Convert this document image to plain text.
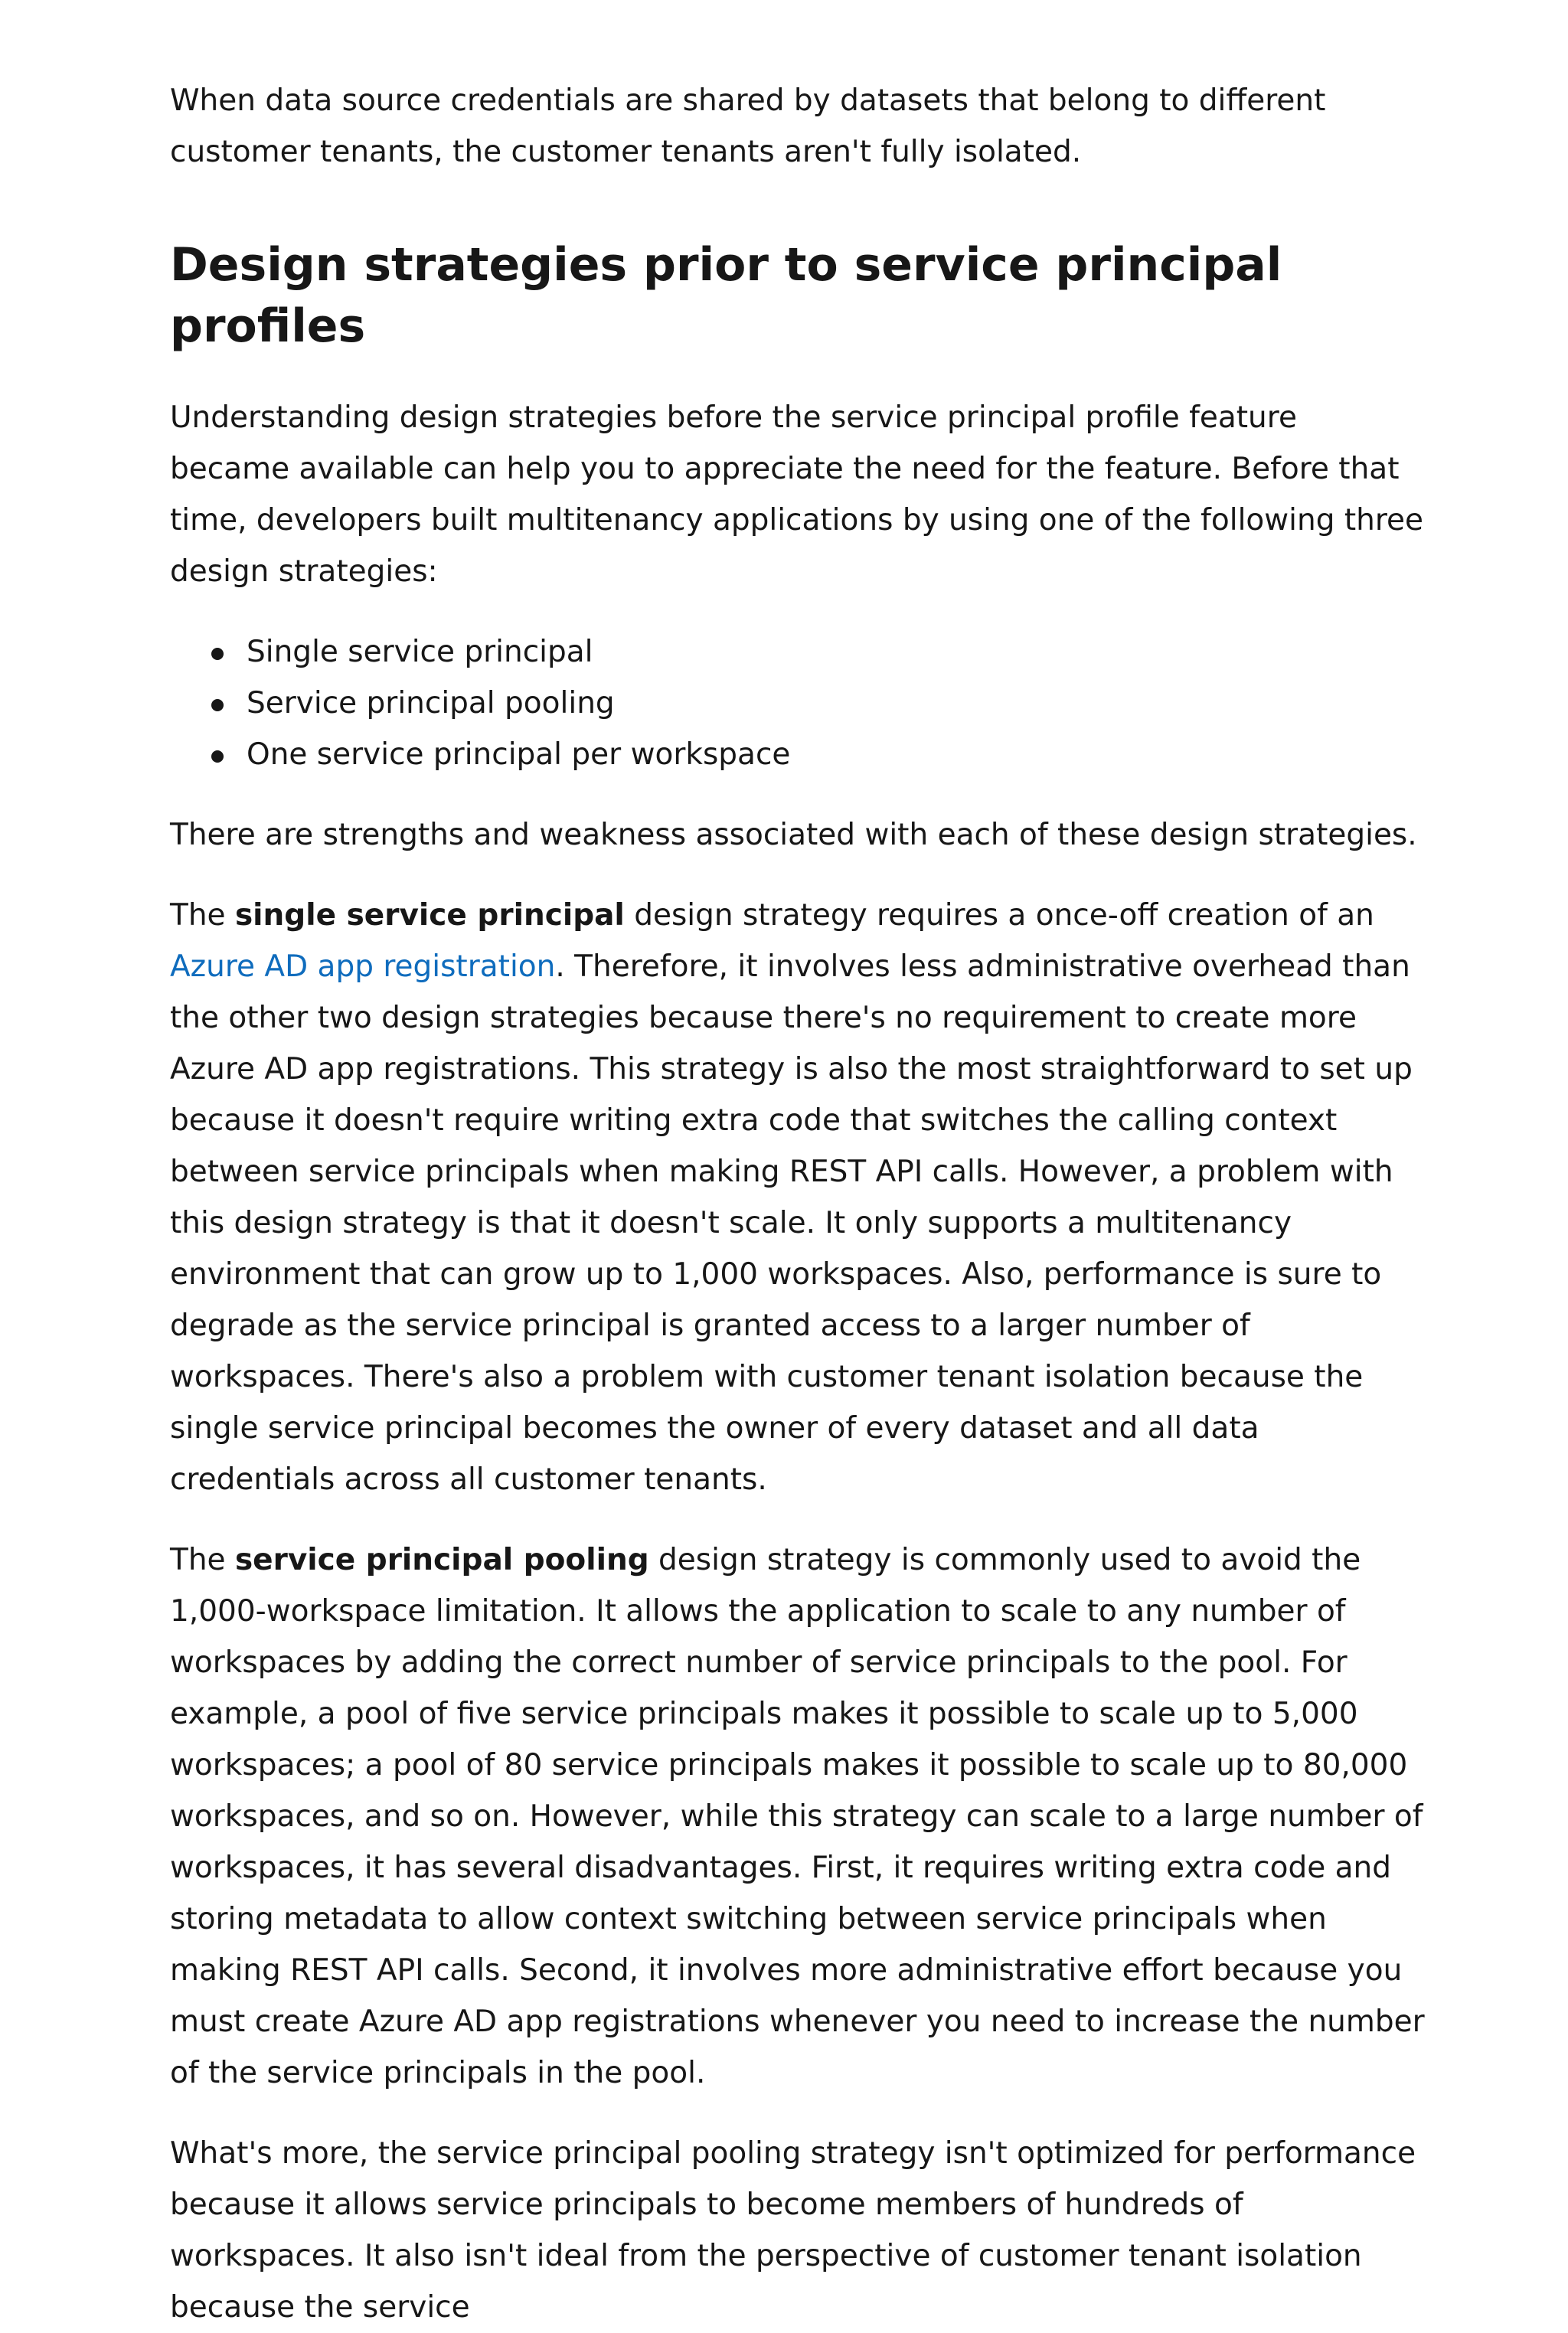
When data source credentials are shared by datasets that belong to different customer tenants, the customer tenants aren't fully isolated.

Design strategies prior to service principal profiles

Understanding design strategies before the service principal profile feature became available can help you to appreciate the need for the feature. Before that time, developers built multitenancy applications by using one of the following three design strategies:

Single service principal
Service principal pooling
One service principal per workspace

There are strengths and weakness associated with each of these design strategies.

The single service principal design strategy requires a once-off creation of an Azure AD app registration. Therefore, it involves less administrative overhead than the other two design strategies because there's no requirement to create more Azure AD app registrations. This strategy is also the most straightforward to set up because it doesn't require writing extra code that switches the calling context between service principals when making REST API calls. However, a problem with this design strategy is that it doesn't scale. It only supports a multitenancy environment that can grow up to 1,000 workspaces. Also, performance is sure to degrade as the service principal is granted access to a larger number of workspaces. There's also a problem with customer tenant isolation because the single service principal becomes the owner of every dataset and all data credentials across all customer tenants.

The service principal pooling design strategy is commonly used to avoid the 1,000-workspace limitation. It allows the application to scale to any number of workspaces by adding the correct number of service principals to the pool. For example, a pool of five service principals makes it possible to scale up to 5,000 workspaces; a pool of 80 service principals makes it possible to scale up to 80,000 workspaces, and so on. However, while this strategy can scale to a large number of workspaces, it has several disadvantages. First, it requires writing extra code and storing metadata to allow context switching between service principals when making REST API calls. Second, it involves more administrative effort because you must create Azure AD app registrations whenever you need to increase the number of the service principals in the pool.

What's more, the service principal pooling strategy isn't optimized for performance because it allows service principals to become members of hundreds of workspaces. It also isn't ideal from the perspective of customer tenant isolation because the service
